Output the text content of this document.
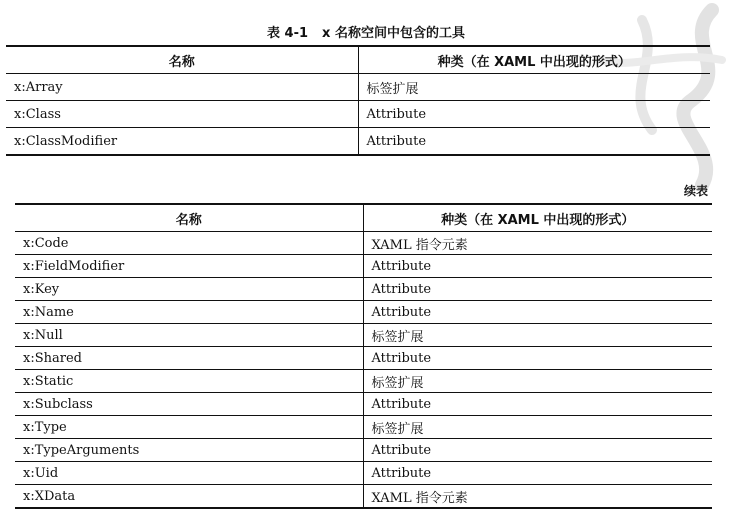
表 4-1 x 名称空间中包含的工具
名称	种类（在 XAML 中出现的形式）
x:Array	标签扩展
x:Class	Attribute
x:ClassModifier	Attribute
续表
名称	种类（在 XAML 中出现的形式）
x:Code	XAML 指令元素
x:FieldModifier	Attribute
x:Key	Attribute
x:Name	Attribute
x:Null	标签扩展
x:Shared	Attribute
x:Static	标签扩展
x:Subclass	Attribute
x:Type	标签扩展
x:TypeArguments	Attribute
x:Uid	Attribute
x:XData	XAML 指令元素
